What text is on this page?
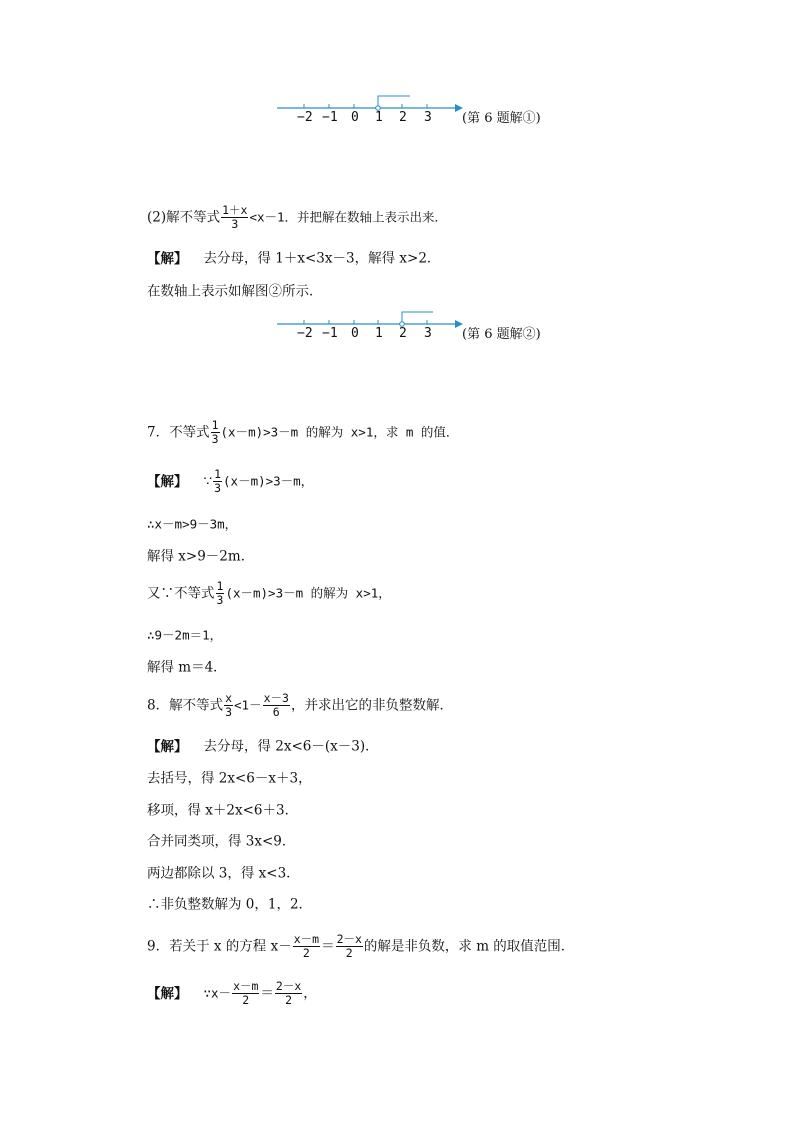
−2 −1 0 1 2 3 (第 6 题解①)
(2)解不等式 $\frac{1+x}{3} <x-1$．并把解在数轴上表示出来．
【解】 去分母，得 1＋x<3x－3，解得 x>2．
在数轴上表示如解图②所示．
−2 −1 0 1 2 3 (第 6 题解②)
7．不等式 $\frac{1}{3} (x-m)>3-m$ 的解为 x>1，求 m 的值．
【解】 ∵ $\frac{1}{3} (x-m)>3-m$，
∴x－m>9－3m，
解得 x>9－2m．
又∵不等式 $\frac{1}{3} (x-m)>3-m$ 的解为 x>1，
∴9－2m＝1，
解得 m＝4．
8．解不等式 $\frac{x}{3} <1- \frac{x-3}{6}$ ，并求出它的非负整数解．
【解】 去分母，得 2x<6－(x－3)．
去括号，得 2x<6－x＋3，
移项，得 x＋2x<6＋3．
合并同类项，得 3x<9．
两边都除以 3，得 x<3．
∴非负整数解为 0，1，2．
9．若关于 x 的方程 $x- \frac{x-m}{2} = \frac{2-x}{2}$ 的解是非负数，求 m 的取值范围．
【解】 ∵x－ $\frac{x-m}{2} = \frac{2-x}{2}$ ，
